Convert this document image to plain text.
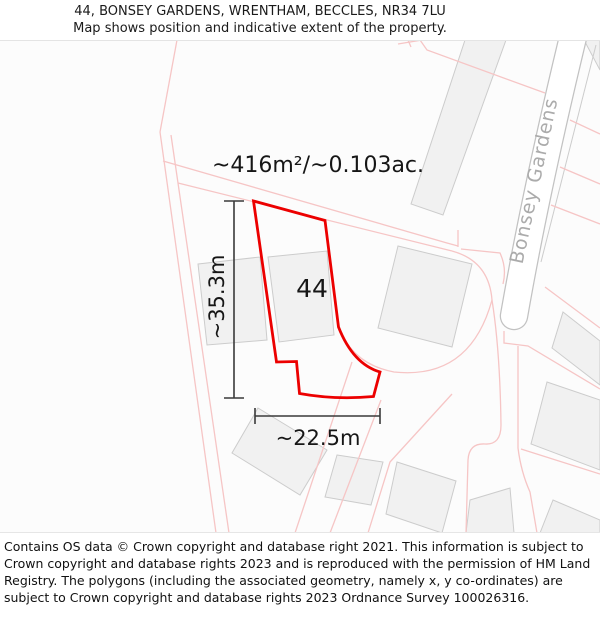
44, BONSEY GARDENS, WRENTHAM, BECCLES, NR34 7LU

Map shows position and indicative extent of the property.

~35.3m
~22.5m
~416m²/~0.103ac.
44
Bonsey Gardens
Contains OS data © Crown copyright and database right 2021. This information is subject to Crown copyright and database rights 2023 and is reproduced with the permission of HM Land Registry. The polygons (including the associated geometry, namely x, y co-ordinates) are subject to Crown copyright and database rights 2023 Ordnance Survey 100026316.
